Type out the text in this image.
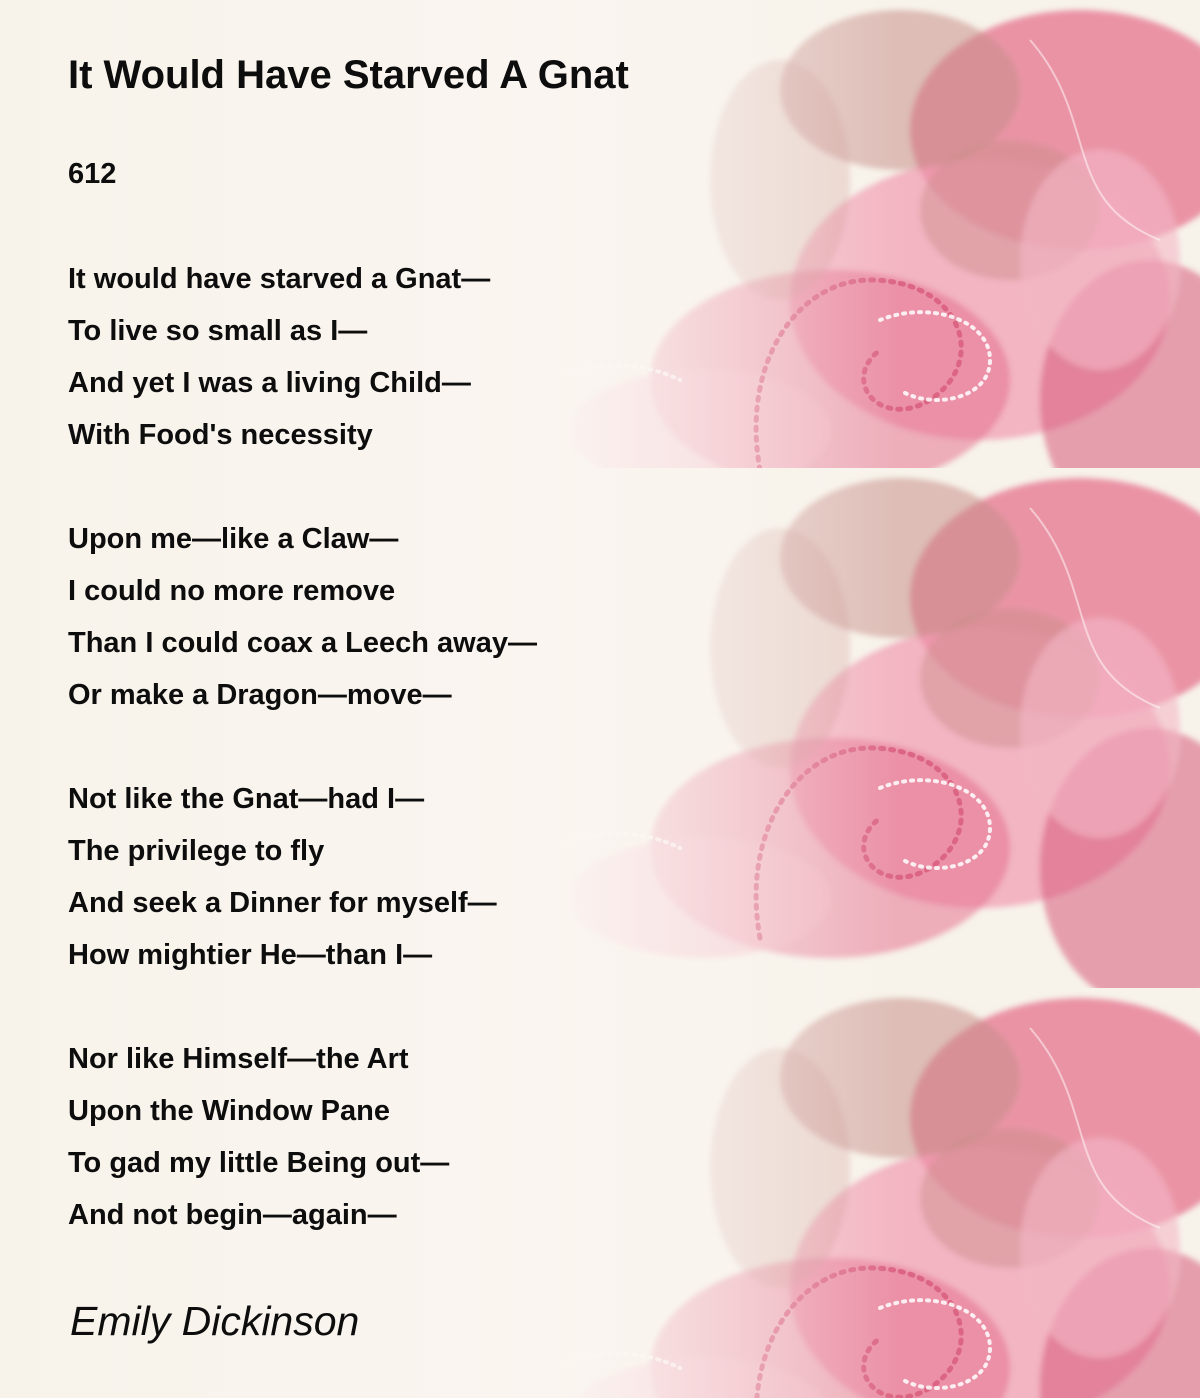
It Would Have Starved A Gnat
612
It would have starved a Gnat—
To live so small as I—
And yet I was a living Child—
With Food's necessity
Upon me—like a Claw—
I could no more remove
Than I could coax a Leech away—
Or make a Dragon—move—
Not like the Gnat—had I—
The privilege to fly
And seek a Dinner for myself—
How mightier He—than I—
Nor like Himself—the Art
Upon the Window Pane
To gad my little Being out—
And not begin—again—
Emily Dickinson
